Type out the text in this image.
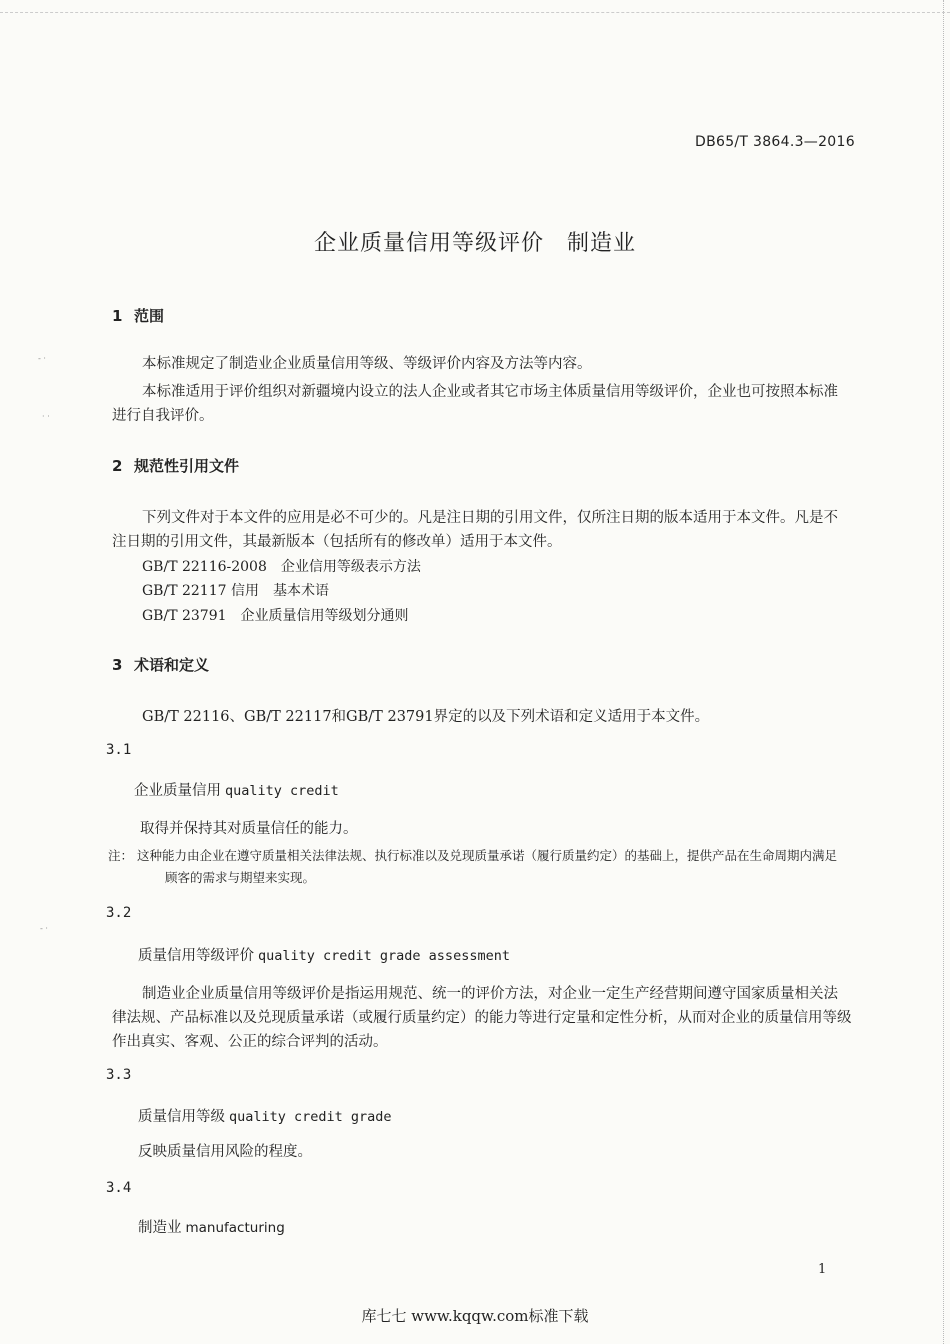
- ·
· ·
- ·
DB65/T 3864.3—2016
企业质量信用等级评价　制造业
1 范围
本标准规定了制造业企业质量信用等级、等级评价内容及方法等内容。
本标准适用于评价组织对新疆境内设立的法人企业或者其它市场主体质量信用等级评价，企业也可按照本标准进行自我评价。
2 规范性引用文件
下列文件对于本文件的应用是必不可少的。凡是注日期的引用文件，仅所注日期的版本适用于本文件。凡是不注日期的引用文件，其最新版本（包括所有的修改单）适用于本文件。
GB/T 22116-2008 企业信用等级表示方法
GB/T 22117 信用 基本术语
GB/T 23791 企业质量信用等级划分通则
3 术语和定义
GB/T 22116、GB/T 22117和GB/T 23791界定的以及下列术语和定义适用于本文件。
3.1
企业质量信用 quality credit
取得并保持其对质量信任的能力。
注： 这种能力由企业在遵守质量相关法律法规、执行标准以及兑现质量承诺（履行质量约定）的基础上，提供产品在生命周期内满足顾客的需求与期望来实现。
3.2
质量信用等级评价 quality credit grade assessment
制造业企业质量信用等级评价是指运用规范、统一的评价方法，对企业一定生产经营期间遵守国家质量相关法律法规、产品标准以及兑现质量承诺（或履行质量约定）的能力等进行定量和定性分析，从而对企业的质量信用等级作出真实、客观、公正的综合评判的活动。
3.3
质量信用等级 quality credit grade
反映质量信用风险的程度。
3.4
制造业 manufacturing
1
库七七 www.kqqw.com标准下载
